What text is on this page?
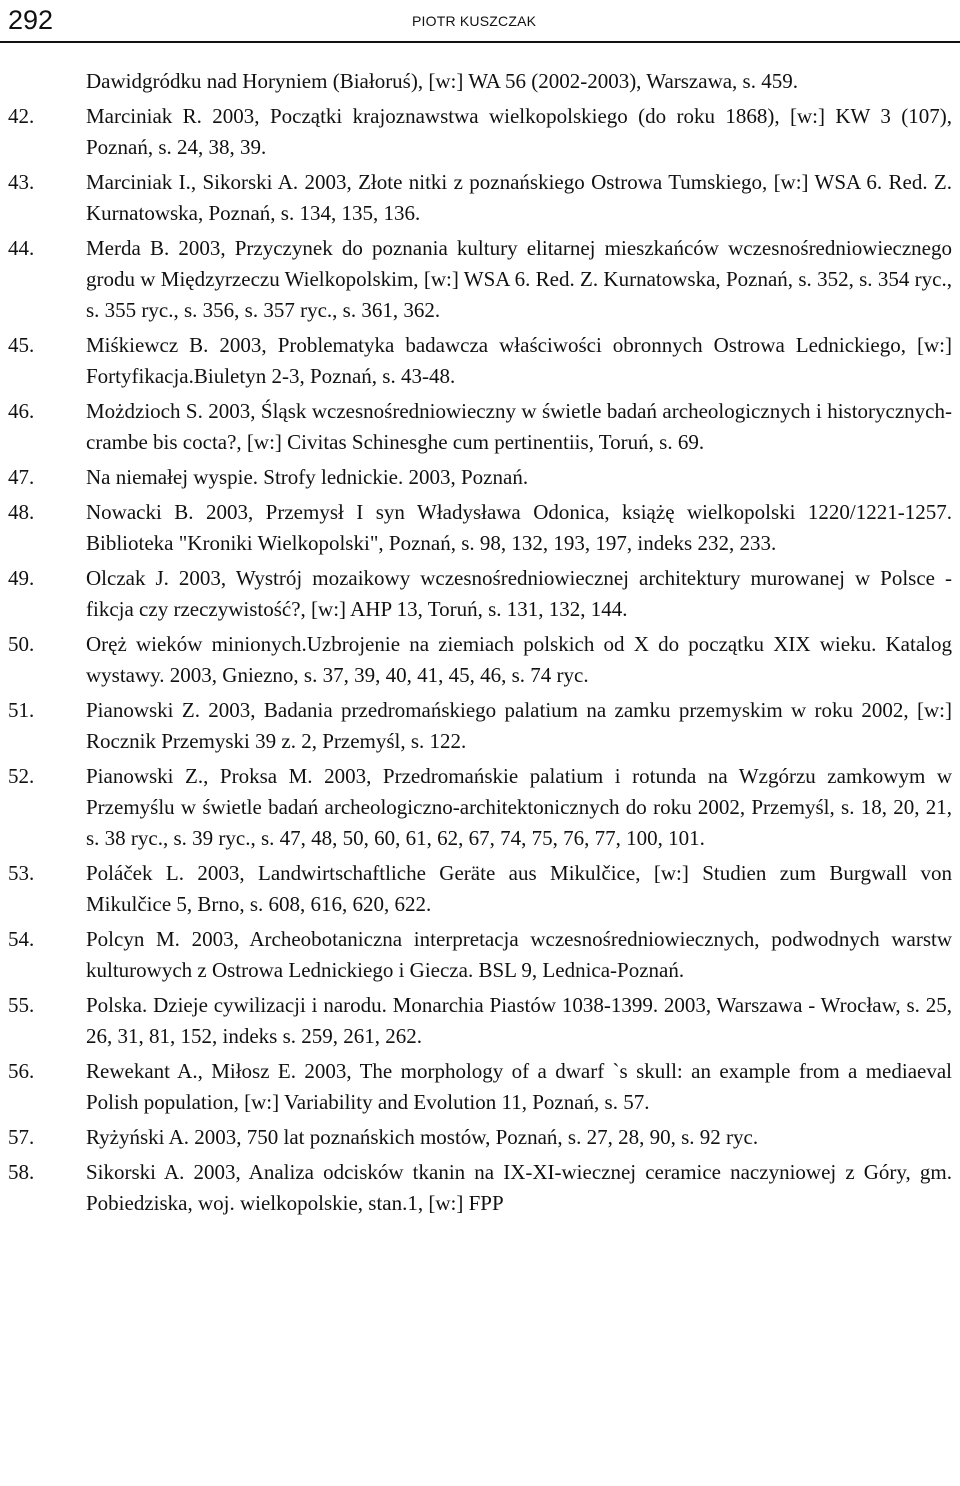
292	PIOTR KUSZCZAK
Dawidgródku nad Horyniem (Białoruś), [w:] WA 56 (2002-2003), Warszawa, s. 459.
42. Marciniak R. 2003, Początki krajoznawstwa wielkopolskiego (do roku 1868), [w:] KW 3 (107), Poznań, s. 24, 38, 39.
43. Marciniak I., Sikorski A. 2003, Złote nitki z poznańskiego Ostrowa Tumskiego, [w:] WSA 6. Red. Z. Kurnatowska, Poznań, s. 134, 135, 136.
44. Merda B. 2003, Przyczynek do poznania kultury elitarnej mieszkańców wczesnośredniowiecznego grodu w Międzyrzeczu Wielkopolskim, [w:] WSA 6. Red. Z. Kurnatowska, Poznań, s. 352, s. 354 ryc., s. 355 ryc., s. 356, s. 357 ryc., s. 361, 362.
45. Miśkiewcz B. 2003, Problematyka badawcza właściwości obronnych Ostrowa Lednickiego, [w:] Fortyfikacja.Biuletyn 2-3, Poznań, s. 43-48.
46. Możdzioch S. 2003, Śląsk wczesnośredniowieczny w świetle badań archeologicznych i historycznych-crambe bis cocta?, [w:] Civitas Schinesghe cum pertinentiis, Toruń, s. 69.
47. Na niemałej wyspie. Strofy lednickie. 2003, Poznań.
48. Nowacki B. 2003, Przemysł I syn Władysława Odonica, książę wielkopolski 1220/1221-1257. Biblioteka "Kroniki Wielkopolski", Poznań, s. 98, 132, 193, 197, indeks 232, 233.
49. Olczak J. 2003, Wystrój mozaikowy wczesnośredniowiecznej architektury murowanej w Polsce - fikcja czy rzeczywistość?, [w:] AHP 13, Toruń, s. 131, 132, 144.
50. Oręż wieków minionych.Uzbrojenie na ziemiach polskich od X do początku XIX wieku. Katalog wystawy. 2003, Gniezno, s. 37, 39, 40, 41, 45, 46, s. 74 ryc.
51. Pianowski Z. 2003, Badania przedromańskiego palatium na zamku przemyskim w roku 2002, [w:] Rocznik Przemyski 39 z. 2, Przemyśl, s. 122.
52. Pianowski Z., Proksa M. 2003, Przedromańskie palatium i rotunda na Wzgórzu zamkowym w Przemyślu w świetle badań archeologiczno-architektonicznych do roku 2002, Przemyśl, s. 18, 20, 21, s. 38 ryc., s. 39 ryc., s. 47, 48, 50, 60, 61, 62, 67, 74, 75, 76, 77, 100, 101.
53. Poláček L. 2003, Landwirtschaftliche Geräte aus Mikulčice, [w:] Studien zum Burgwall von Mikulčice 5, Brno, s. 608, 616, 620, 622.
54. Polcyn M. 2003, Archeobotaniczna interpretacja wczesnośredniowiecznych, podwodnych warstw kulturowych z Ostrowa Lednickiego i Giecza. BSL 9, Lednica-Poznań.
55. Polska. Dzieje cywilizacji i narodu. Monarchia Piastów 1038-1399. 2003, Warszawa - Wrocław, s. 25, 26, 31, 81, 152, indeks s. 259, 261, 262.
56. Rewekant A., Miłosz E. 2003, The morphology of a dwarf `s skull: an example from a mediaeval Polish population, [w:] Variability and Evolution 11, Poznań, s. 57.
57. Ryżyński A. 2003, 750 lat poznańskich mostów, Poznań, s. 27, 28, 90, s. 92 ryc.
58. Sikorski A. 2003, Analiza odcisków tkanin na IX-XI-wiecznej ceramice naczyniowej z Góry, gm. Pobiedziska, woj. wielkopolskie, stan.1, [w:] FPP
